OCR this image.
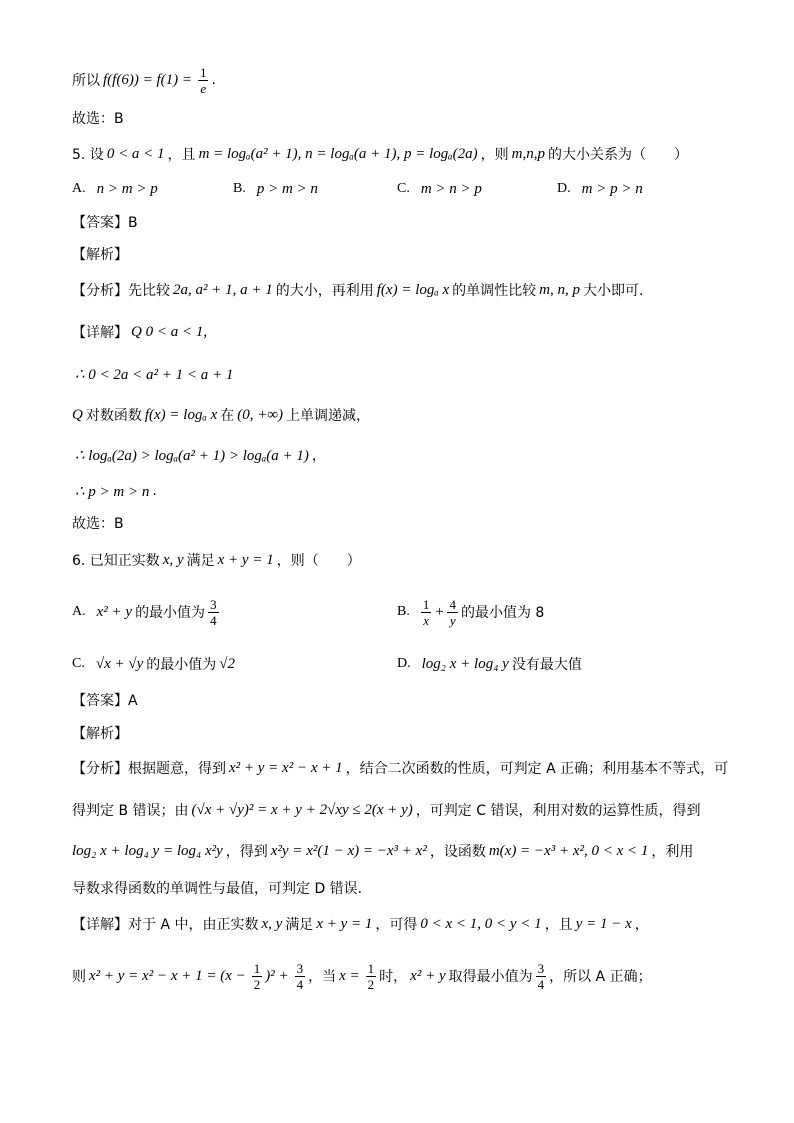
所以 $f(f(6)) = f(1) = \frac{1}{e}$ .
故选：B
5. 设 0 < a < 1 ，且 m = logₐ(a² + 1), n = logₐ(a + 1), p = logₐ(2a) ，则 m,n,p 的大小关系为（　　）
A. n > m > p	B. p > m > n	C. m > n > p	D. m > p > n
【答案】B
【解析】
【分析】先比较 2a, a² + 1, a + 1 的大小，再利用 f(x) = logₐ x 的单调性比较 m, n, p 大小即可.
【详解】 Q 0 < a < 1,
∴ 0 < 2a < a² + 1 < a + 1
Q 对数函数 f(x) = logₐ x 在 (0, +∞) 上单调递减，
∴ logₐ(2a) > logₐ(a² + 1) > logₐ(a + 1) ，
∴ p > m > n .
故选：B
6. 已知正实数 x, y 满足 x + y = 1 ，则（　　）
A. x² + y 的最小值为 $\frac{3}{4}$	B. $\frac{1}{x} + \frac{4}{y}$ 的最小值为 8
C. √x + √y 的最小值为 √2	D. log₂ x + log₄ y 没有最大值
【答案】A
【解析】
【分析】根据题意，得到 x² + y = x² − x + 1 ，结合二次函数的性质，可判定 A 正确；利用基本不等式，可
得判定 B 错误；由 (√x + √y)² = x + y + 2√xy ≤ 2(x + y) ，可判定 C 错误，利用对数的运算性质，得到
log₂ x + log₄ y = log₄ x²y ，得到 x²y = x²(1 − x) = −x³ + x² ，设函数 m(x) = −x³ + x², 0 < x < 1 ，利用
导数求得函数的单调性与最值，可判定 D 错误.
【详解】对于 A 中，由正实数 x, y 满足 x + y = 1 ，可得 0 < x < 1, 0 < y < 1 ，且 y = 1 − x ，
则 $x^2 + y = x^2 - x + 1 = (x - \frac{1}{2} )^2 + \frac{3}{4}$ ，当 $x = \frac{1}{2}$ 时， x² + y 取得最小值为 $\frac{3}{4}$ ，所以 A 正确；
